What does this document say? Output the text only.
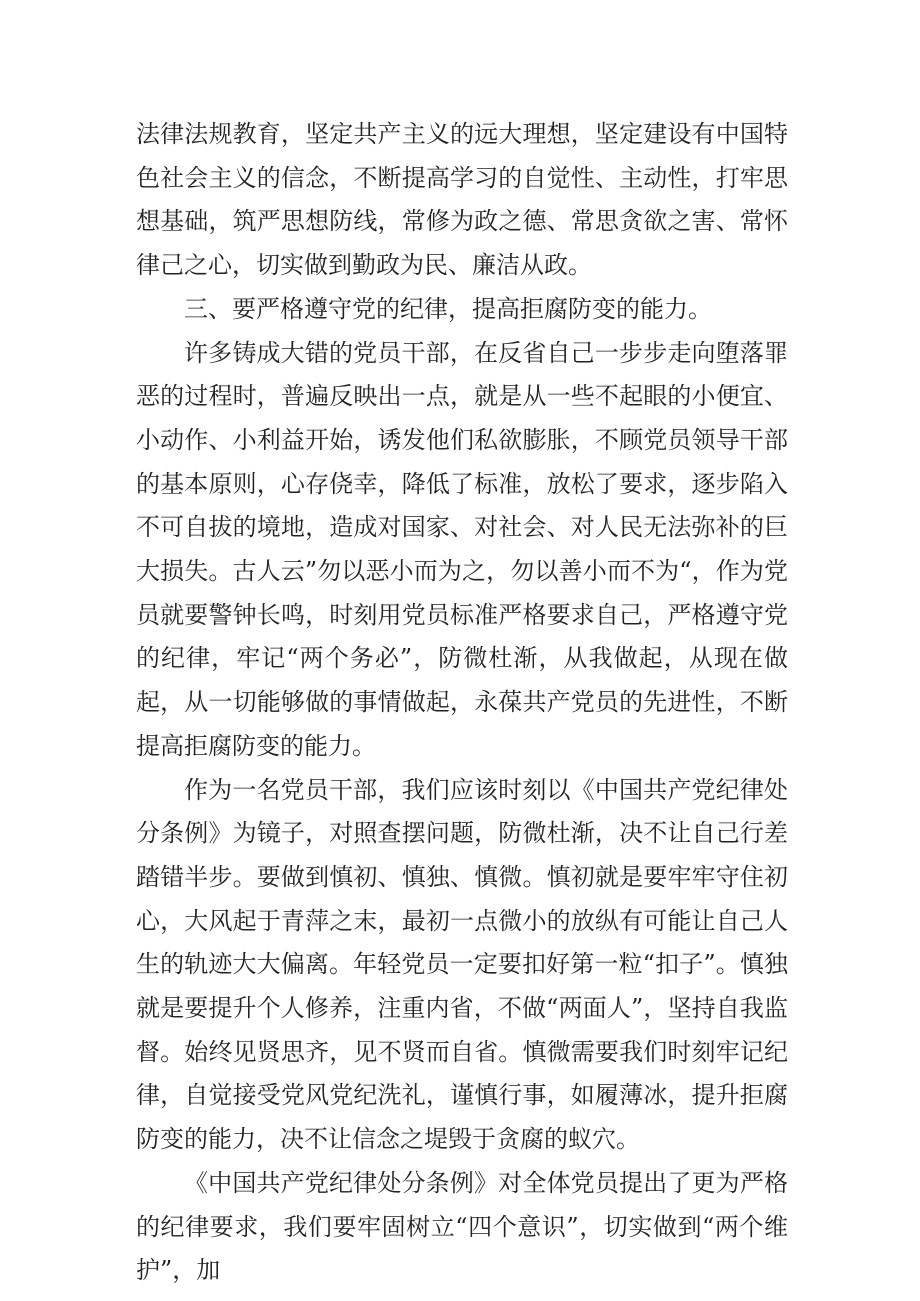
法律法规教育，坚定共产主义的远大理想，坚定建设有中国特色社会主义的信念，不断提高学习的自觉性、主动性，打牢思想基础，筑严思想防线，常修为政之德、常思贪欲之害、常怀律己之心，切实做到勤政为民、廉洁从政。

三、要严格遵守党的纪律，提高拒腐防变的能力。

许多铸成大错的党员干部，在反省自己一步步走向堕落罪恶的过程时，普遍反映出一点，就是从一些不起眼的小便宜、小动作、小利益开始，诱发他们私欲膨胀，不顾党员领导干部的基本原则，心存侥幸，降低了标准，放松了要求，逐步陷入不可自拔的境地，造成对国家、对社会、对人民无法弥补的巨大损失。古人云”勿以恶小而为之，勿以善小而不为“，作为党员就要警钟长鸣，时刻用党员标准严格要求自己，严格遵守党的纪律，牢记“两个务必”，防微杜渐，从我做起，从现在做起，从一切能够做的事情做起，永葆共产党员的先进性，不断提高拒腐防变的能力。

作为一名党员干部，我们应该时刻以《中国共产党纪律处分条例》为镜子，对照查摆问题，防微杜渐，决不让自己行差踏错半步。要做到慎初、慎独、慎微。慎初就是要牢牢守住初心，大风起于青萍之末，最初一点微小的放纵有可能让自己人生的轨迹大大偏离。年轻党员一定要扣好第一粒“扣子”。慎独就是要提升个人修养，注重内省，不做“两面人”，坚持自我监督。始终见贤思齐，见不贤而自省。慎微需要我们时刻牢记纪律，自觉接受党风党纪洗礼，谨慎行事，如履薄冰，提升拒腐防变的能力，决不让信念之堤毁于贪腐的蚁穴。

《中国共产党纪律处分条例》对全体党员提出了更为严格的纪律要求，我们要牢固树立“四个意识”，切实做到“两个维护”，加
